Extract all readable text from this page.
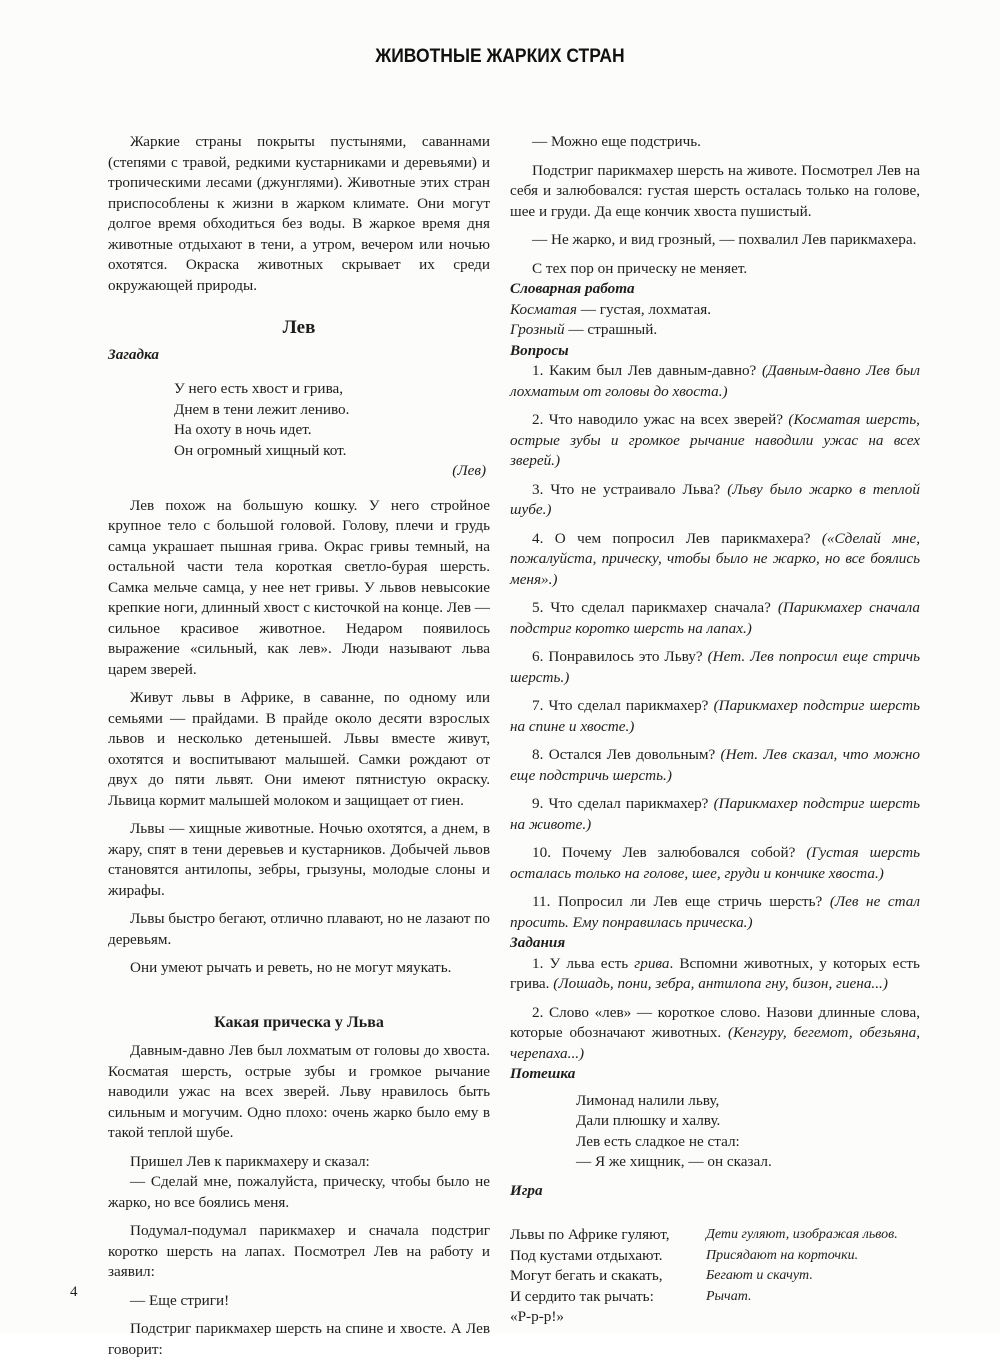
ЖИВОТНЫЕ ЖАРКИХ СТРАН

Жаркие страны покрыты пустынями, саваннами (степями с травой, редкими кустарниками и деревьями) и тропическими лесами (джунглями). Животные этих стран приспособлены к жизни в жарком климате. Они могут долгое время обходиться без воды. В жаркое время дня животные отдыхают в тени, а утром, вечером или ночью охотятся. Окраска животных скрывает их среди окружающей природы.

Лев

Загадка

У него есть хвост и грива,
Днем в тени лежит лениво.
На охоту в ночь идет.
Он огромный хищный кот.
(Лев)

Лев похож на большую кошку. У него стройное крупное тело с большой головой. Голову, плечи и грудь самца украшает пышная грива. Окрас гривы темный, на остальной части тела короткая светло-бурая шерсть. Самка мельче самца, у нее нет гривы. У львов невысокие крепкие ноги, длинный хвост с кисточкой на конце. Лев — сильное красивое животное. Недаром появилось выражение «сильный, как лев». Люди называют льва царем зверей.

Живут львы в Африке, в саванне, по одному или семьями — прайдами. В прайде около десяти взрослых львов и несколько детенышей. Львы вместе живут, охотятся и воспитывают малышей. Самки рождают от двух до пяти львят. Они имеют пятнистую окраску. Львица кормит малышей молоком и защищает от гиен.

Львы — хищные животные. Ночью охотятся, а днем, в жару, спят в тени деревьев и кустарников. Добычей львов становятся антилопы, зебры, грызуны, молодые слоны и жирафы.

Львы быстро бегают, отлично плавают, но не лазают по деревьям.

Они умеют рычать и реветь, но не могут мяукать.

Какая прическа у Льва

Давным-давно Лев был лохматым от головы до хвоста. Косматая шерсть, острые зубы и громкое рычание наводили ужас на всех зверей. Льву нравилось быть сильным и могучим. Одно плохо: очень жарко было ему в такой теплой шубе.

Пришел Лев к парикмахеру и сказал:

— Сделай мне, пожалуйста, прическу, чтобы было не жарко, но все боялись меня.

Подумал-подумал парикмахер и сначала подстриг коротко шерсть на лапах. Посмотрел Лев на работу и заявил:

— Еще стриги!

Подстриг парикмахер шерсть на спине и хвосте. А Лев говорит:

— Можно еще подстричь.

Подстриг парикмахер шерсть на животе. Посмотрел Лев на себя и залюбовался: густая шерсть осталась только на голове, шее и груди. Да еще кончик хвоста пушистый.

— Не жарко, и вид грозный, — похвалил Лев парикмахера.

С тех пор он прическу не меняет.

Словарная работа

Косматая — густая, лохматая.

Грозный — страшный.

Вопросы

1. Каким был Лев давным-давно? (Давным-давно Лев был лохматым от головы до хвоста.)

2. Что наводило ужас на всех зверей? (Косматая шерсть, острые зубы и громкое рычание наводили ужас на всех зверей.)

3. Что не устраивало Льва? (Льву было жарко в теплой шубе.)

4. О чем попросил Лев парикмахера? («Сделай мне, пожалуйста, прическу, чтобы было не жарко, но все боялись меня».)

5. Что сделал парикмахер сначала? (Парикмахер сначала подстриг коротко шерсть на лапах.)

6. Понравилось это Льву? (Нет. Лев попросил еще стричь шерсть.)

7. Что сделал парикмахер? (Парикмахер подстриг шерсть на спине и хвосте.)

8. Остался Лев довольным? (Нет. Лев сказал, что можно еще подстричь шерсть.)

9. Что сделал парикмахер? (Парикмахер подстриг шерсть на животе.)

10. Почему Лев залюбовался собой? (Густая шерсть осталась только на голове, шее, груди и кончике хвоста.)

11. Попросил ли Лев еще стричь шерсть? (Лев не стал просить. Ему понравилась прическа.)

Задания

1. У льва есть грива. Вспомни животных, у которых есть грива. (Лошадь, пони, зебра, антилопа гну, бизон, гиена...)

2. Слово «лев» — короткое слово. Назови длинные слова, которые обозначают животных. (Кенгуру, бегемот, обезьяна, черепаха...)

Потешка

Лимонад налили льву,
Дали плюшку и халву.
Лев есть сладкое не стал:
— Я же хищник, — он сказал.

Игра

Львы по Африке гуляют,	Дети гуляют, изображая львов.
Под кустами отдыхают.	Присядают на корточки.
Могут бегать и скакать,	Бегают и скачут.
И сердито так рычать:	Рычат.
«Р-р-р!»
4
